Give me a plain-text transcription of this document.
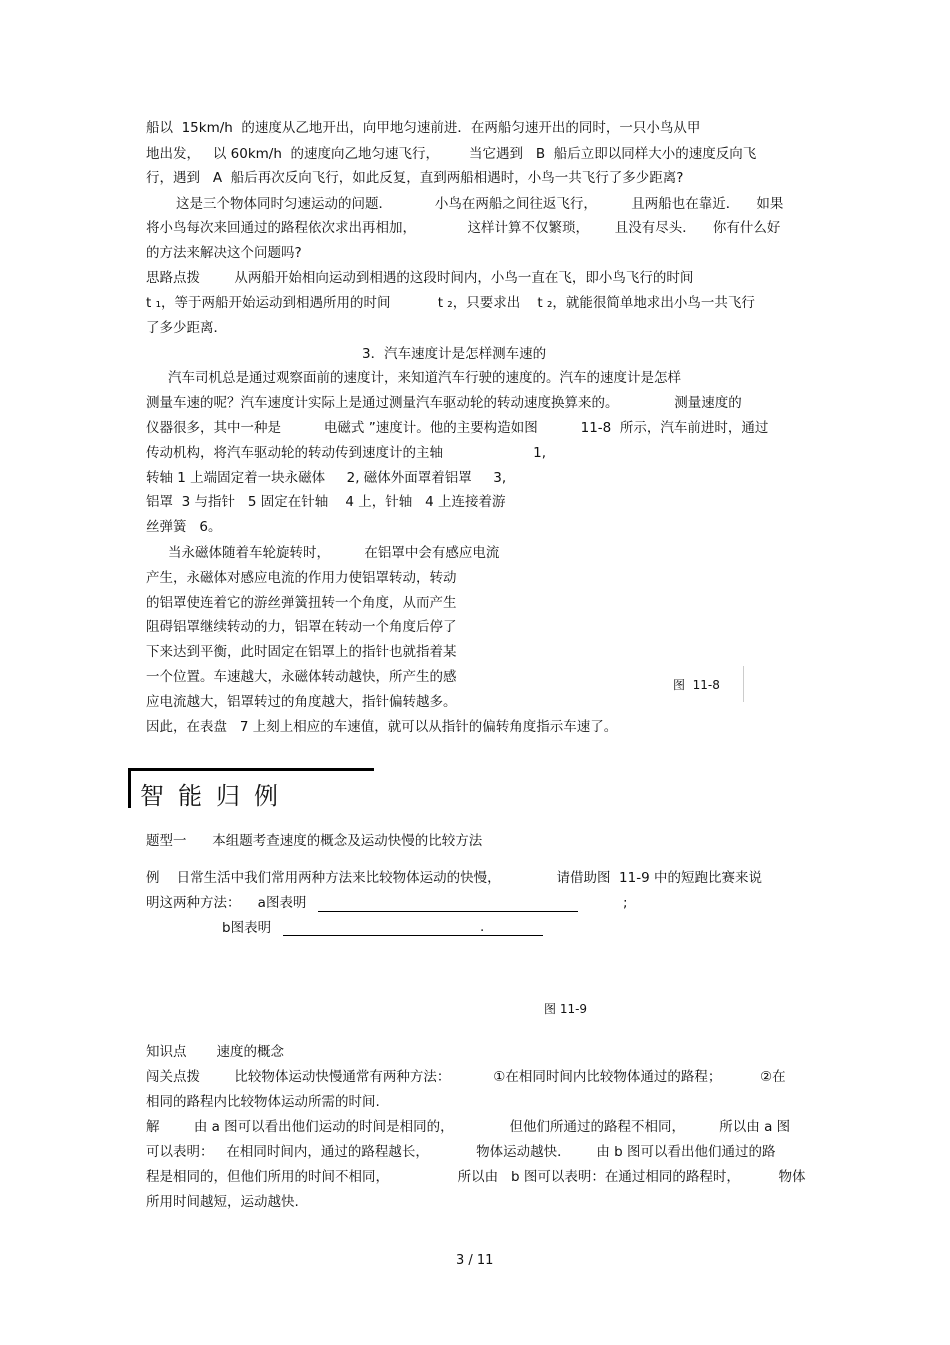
船以  15km/h  的速度从乙地开出，向甲地匀速前进．在两船匀速开出的同时，一只小鸟从甲
地出发，   以 60km/h  的速度向乙地匀速飞行，       当它遇到   B  船后立即以同样大小的速度反向飞
行，遇到   A  船后再次反向飞行，如此反复，直到两船相遇时，小鸟一共飞行了多少距离?
这是三个物体同时匀速运动的问题．          小鸟在两船之间往返飞行，        且两船也在靠近．    如果
将小鸟每次来回通过的路程依次求出再相加，            这样计算不仅繁琐，      且没有尽头．    你有什么好
的方法来解决这个问题吗?
思路点拨        从两船开始相向运动到相遇的这段时间内，小鸟一直在飞，即小鸟飞行的时间
t ₁，等于两船开始运动到相遇所用的时间           t ₂，只要求出    t ₂，就能很简单地求出小鸟一共飞行
了多少距离．
3．汽车速度计是怎样测车速的
汽车司机总是通过观察面前的速度计，来知道汽车行驶的速度的。汽车的速度计是怎样
测量车速的呢？汽车速度计实际上是通过测量汽车驱动轮的转动速度换算来的。             测量速度的
仪器很多，其中一种是          电磁式 ”速度计。他的主要构造如图          11-8  所示，汽车前进时，通过
传动机构，将汽车驱动轮的转动传到速度计的主轴                     1,
转轴 1 上端固定着一块永磁体     2, 磁体外面罩着铝罩     3,
铝罩  3 与指针   5 固定在针轴    4 上，针轴   4 上连接着游
丝弹簧   6。
当永磁体随着车轮旋转时，        在铝罩中会有感应电流
产生，永磁体对感应电流的作用力使铝罩转动，转动
的铝罩使连着它的游丝弹簧扭转一个角度，从而产生
阻碍铝罩继续转动的力，铝罩在转动一个角度后停了
下来达到平衡，此时固定在铝罩上的指针也就指着某
一个位置。车速越大，永磁体转动越快，所产生的感
应电流越大，铝罩转过的角度越大，指针偏转越多。
因此，在表盘   7 上刻上相应的车速值，就可以从指针的偏转角度指示车速了。
图  11-8
智能归例
题型一      本组题考查速度的概念及运动快慢的比较方法
例    日常生活中我们常用两种方法来比较物体运动的快慢，             请借助图  11-9 中的短跑比赛来说
明这两种方法：    a图表明	;
b图表明	.
图 11-9
知识点       速度的概念
闯关点拨        比较物体运动快慢通常有两种方法：          ①在相同时间内比较物体通过的路程；         ②在
相同的路程内比较物体运动所需的时间.
解        由 a 图可以看出他们运动的时间是相同的，             但他们所通过的路程不相同，        所以由 a 图
可以表明：   在相同时间内，通过的路程越长，           物体运动越快．      由 b 图可以看出他们通过的路
程是相同的，但他们所用的时间不相同，                所以由   b 图可以表明：在通过相同的路程时，         物体
所用时间越短，运动越快.
3 / 11
